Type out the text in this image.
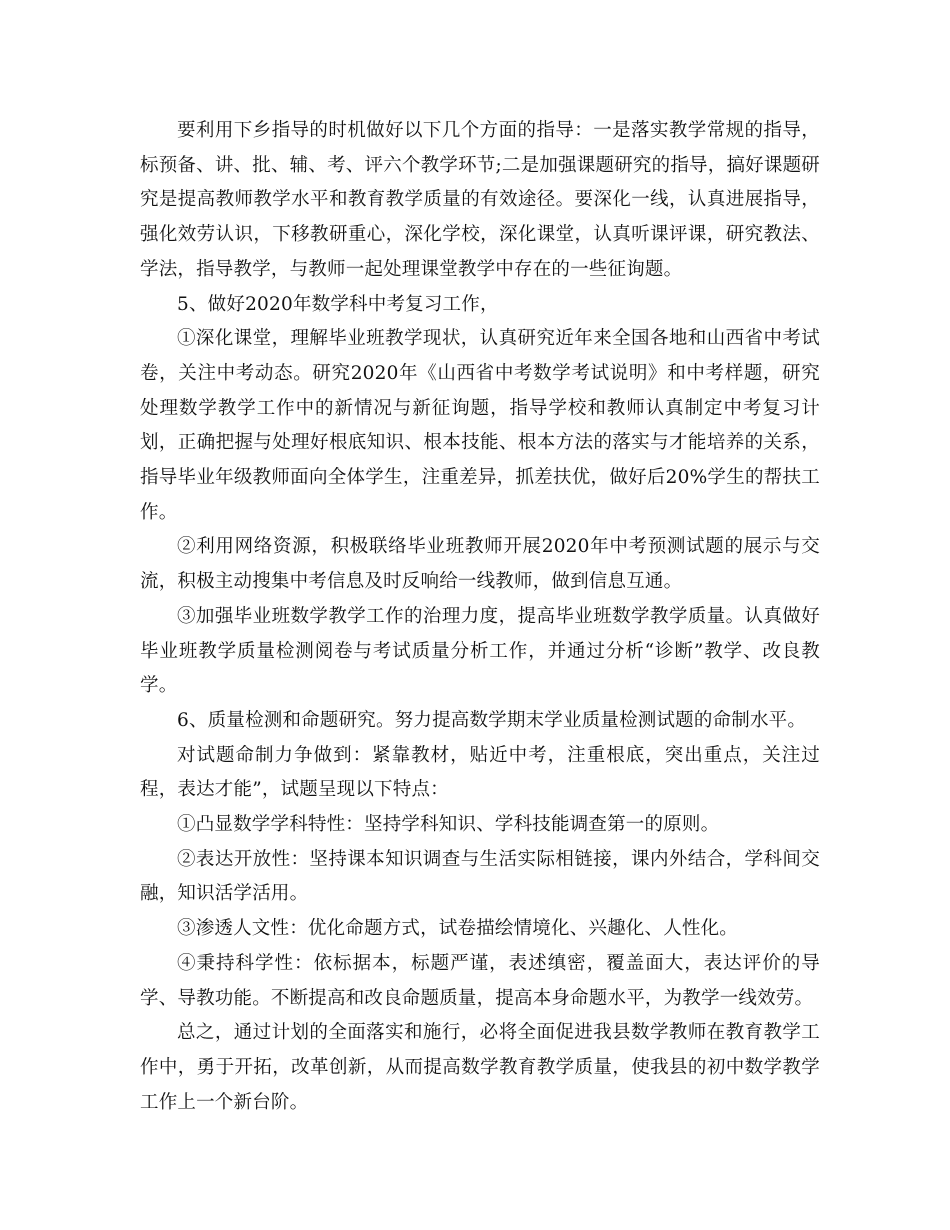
要利用下乡指导的时机做好以下几个方面的指导：一是落实教学常规的指导，标预备、讲、批、辅、考、评六个教学环节;二是加强课题研究的指导，搞好课题研究是提高教师教学水平和教育教学质量的有效途径。要深化一线，认真进展指导，强化效劳认识，下移教研重心，深化学校，深化课堂，认真听课评课，研究教法、学法，指导教学，与教师一起处理课堂教学中存在的一些征询题。

5、做好2020年数学科中考复习工作，

①深化课堂，理解毕业班教学现状，认真研究近年来全国各地和山西省中考试卷，关注中考动态。研究2020年《山西省中考数学考试说明》和中考样题，研究处理数学教学工作中的新情况与新征询题，指导学校和教师认真制定中考复习计划，正确把握与处理好根底知识、根本技能、根本方法的落实与才能培养的关系，指导毕业年级教师面向全体学生，注重差异，抓差扶优，做好后20%学生的帮扶工作。

②利用网络资源，积极联络毕业班教师开展2020年中考预测试题的展示与交流，积极主动搜集中考信息及时反响给一线教师，做到信息互通。

③加强毕业班数学教学工作的治理力度，提高毕业班数学教学质量。认真做好毕业班教学质量检测阅卷与考试质量分析工作，并通过分析“诊断”教学、改良教学。

6、质量检测和命题研究。努力提高数学期末学业质量检测试题的命制水平。

对试题命制力争做到：紧靠教材，贴近中考，注重根底，突出重点，关注过程，表达才能”，试题呈现以下特点：

①凸显数学学科特性：坚持学科知识、学科技能调查第一的原则。

②表达开放性：坚持课本知识调查与生活实际相链接，课内外结合，学科间交融，知识活学活用。

③渗透人文性：优化命题方式，试卷描绘情境化、兴趣化、人性化。

④秉持科学性：依标据本，标题严谨，表述缜密，覆盖面大，表达评价的导学、导教功能。不断提高和改良命题质量，提高本身命题水平，为教学一线效劳。

总之，通过计划的全面落实和施行，必将全面促进我县数学教师在教育教学工作中，勇于开拓，改革创新，从而提高数学教育教学质量，使我县的初中数学教学工作上一个新台阶。
